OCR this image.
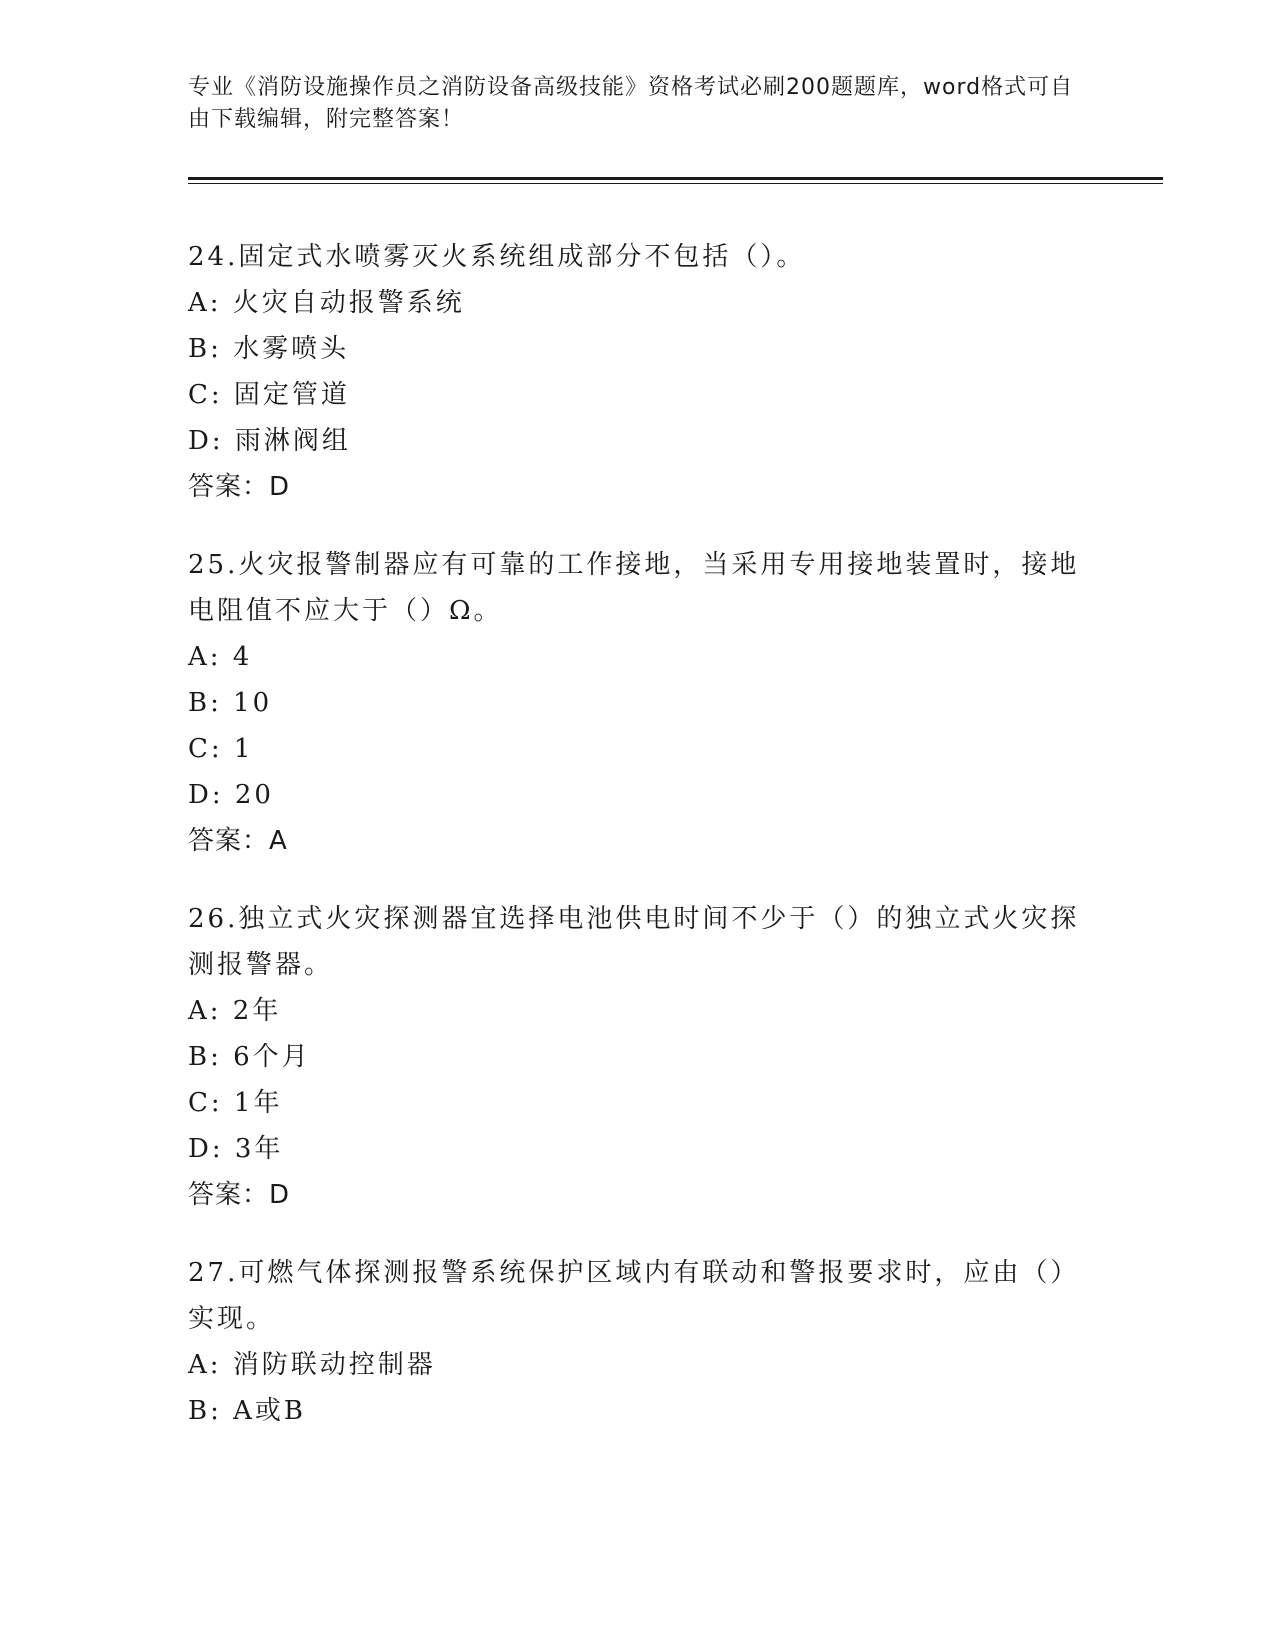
专业《消防设施操作员之消防设备高级技能》资格考试必刷200题题库，word格式可自由下载编辑，附完整答案！

24.固定式水喷雾灭火系统组成部分不包括（）。

A: 火灾自动报警系统

B: 水雾喷头

C: 固定管道

D: 雨淋阀组

答案：D

25.火灾报警制器应有可靠的工作接地，当采用专用接地装置时，接地电阻值不应大于（）Ω。

A: 4

B: 10

C: 1

D: 20

答案：A

26.独立式火灾探测器宜选择电池供电时间不少于（）的独立式火灾探测报警器。

A: 2年

B: 6个月

C: 1年

D: 3年

答案：D

27.可燃气体探测报警系统保护区域内有联动和警报要求时，应由（）实现。

A: 消防联动控制器

B: A或B
